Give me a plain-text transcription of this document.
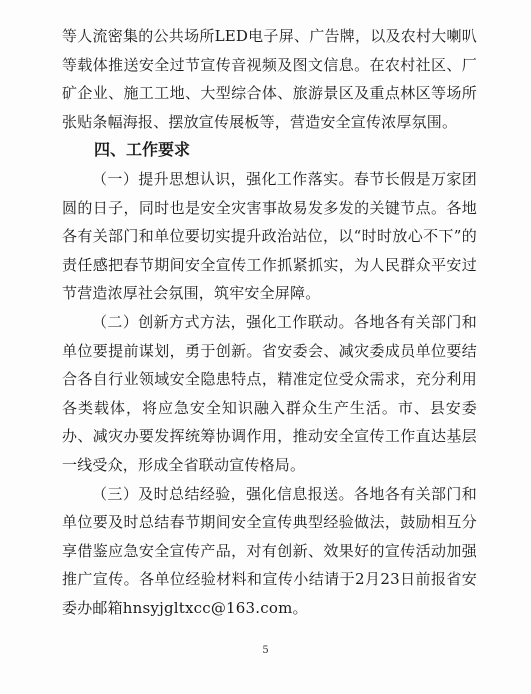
等人流密集的公共场所LED电子屏、广告牌，以及农村大喇叭等载体推送安全过节宣传音视频及图文信息。在农村社区、厂矿企业、施工工地、大型综合体、旅游景区及重点林区等场所张贴条幅海报、摆放宣传展板等，营造安全宣传浓厚氛围。

四、工作要求

（一）提升思想认识，强化工作落实。春节长假是万家团圆的日子，同时也是安全灾害事故易发多发的关键节点。各地各有关部门和单位要切实提升政治站位，以“时时放心不下”的责任感把春节期间安全宣传工作抓紧抓实，为人民群众平安过节营造浓厚社会氛围，筑牢安全屏障。

（二）创新方式方法，强化工作联动。各地各有关部门和单位要提前谋划，勇于创新。省安委会、减灾委成员单位要结合各自行业领域安全隐患特点，精准定位受众需求，充分利用各类载体，将应急安全知识融入群众生产生活。市、县安委办、减灾办要发挥统筹协调作用，推动安全宣传工作直达基层一线受众，形成全省联动宣传格局。

（三）及时总结经验，强化信息报送。各地各有关部门和单位要及时总结春节期间安全宣传典型经验做法，鼓励相互分享借鉴应急安全宣传产品，对有创新、效果好的宣传活动加强推广宣传。各单位经验材料和宣传小结请于2月23日前报省安委办邮箱hnsyjgltxcc@163.com。

5
